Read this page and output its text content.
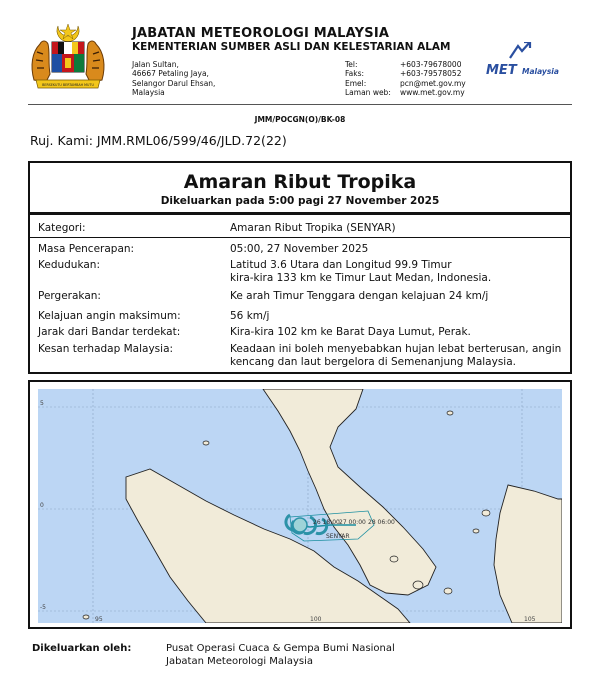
BERSEKUTU BERTAMBAH MUTU
JABATAN METEOROLOGI MALAYSIA
KEMENTERIAN SUMBER ASLI DAN KELESTARIAN ALAM
Jalan Sultan,
46667 Petaling Jaya,
Selangor Darul Ehsan,
Malaysia
Tel:	+603-79678000
Faks:	+603-79578052
Emel:	pcn@met.gov.my
Laman web:	www.met.gov.my
MET Malaysia
JMM/POCGN(O)/BK-08
Ruj. Kami: JMM.RML06/599/46/JLD.72(22)
Amaran Ribut Tropika
Dikeluarkan pada 5:00 pagi 27 November 2025
Kategori:	Amaran Ribut Tropika (SENYAR)
Masa Pencerapan:	05:00, 27 November 2025
Kedudukan:	Latitud 3.6 Utara dan Longitud 99.9 Timur
kira-kira 133 km ke Timur Laut Medan, Indonesia.
Pergerakan:	Ke arah Timur Tenggara dengan kelajuan 24 km/j
Kelajuan angin maksimum:	56 km/j
Jarak dari Bandar terdekat:	Kira-kira 102 km ke Barat Daya Lumut, Perak.
Kesan terhadap Malaysia:	Keadaan ini boleh menyebabkan hujan lebat berterusan, angin
kencang dan laut bergelora di Semenanjung Malaysia.
5
0
-5
95	100	105
26 18:00 27 00:00 28 06:00
SENYAR
Dikeluarkan oleh:	Pusat Operasi Cuaca & Gempa Bumi Nasional
Jabatan Meteorologi Malaysia
